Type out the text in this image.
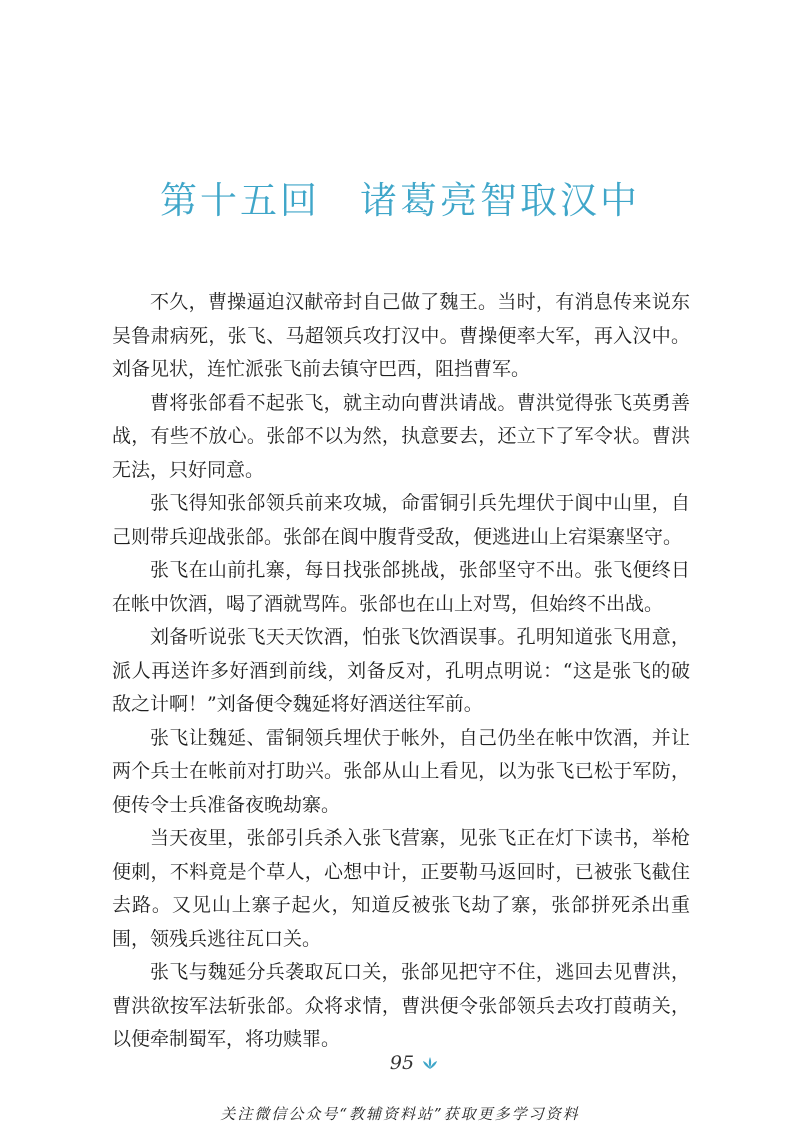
第十五回 诸葛亮智取汉中

不久，曹操逼迫汉献帝封自己做了魏王。当时，有消息传来说东吴鲁肃病死，张飞、马超领兵攻打汉中。曹操便率大军，再入汉中。刘备见状，连忙派张飞前去镇守巴西，阻挡曹军。

曹将张郃看不起张飞，就主动向曹洪请战。曹洪觉得张飞英勇善战，有些不放心。张郃不以为然，执意要去，还立下了军令状。曹洪无法，只好同意。

张飞得知张郃领兵前来攻城，命雷铜引兵先埋伏于阆中山里，自己则带兵迎战张郃。张郃在阆中腹背受敌，便逃进山上宕渠寨坚守。

张飞在山前扎寨，每日找张郃挑战，张郃坚守不出。张飞便终日在帐中饮酒，喝了酒就骂阵。张郃也在山上对骂，但始终不出战。

刘备听说张飞天天饮酒，怕张飞饮酒误事。孔明知道张飞用意，派人再送许多好酒到前线，刘备反对，孔明点明说：“这是张飞的破敌之计啊！”刘备便令魏延将好酒送往军前。

张飞让魏延、雷铜领兵埋伏于帐外，自己仍坐在帐中饮酒，并让两个兵士在帐前对打助兴。张郃从山上看见，以为张飞已松于军防，便传令士兵准备夜晚劫寨。

当天夜里，张郃引兵杀入张飞营寨，见张飞正在灯下读书，举枪便刺，不料竟是个草人，心想中计，正要勒马返回时，已被张飞截住去路。又见山上寨子起火，知道反被张飞劫了寨，张郃拼死杀出重围，领残兵逃往瓦口关。

张飞与魏延分兵袭取瓦口关，张郃见把守不住，逃回去见曹洪，曹洪欲按军法斩张郃。众将求情，曹洪便令张郃领兵去攻打葭萌关，以便牵制蜀军，将功赎罪。

95
关注微信公众号“教辅资料站”获取更多学习资料
